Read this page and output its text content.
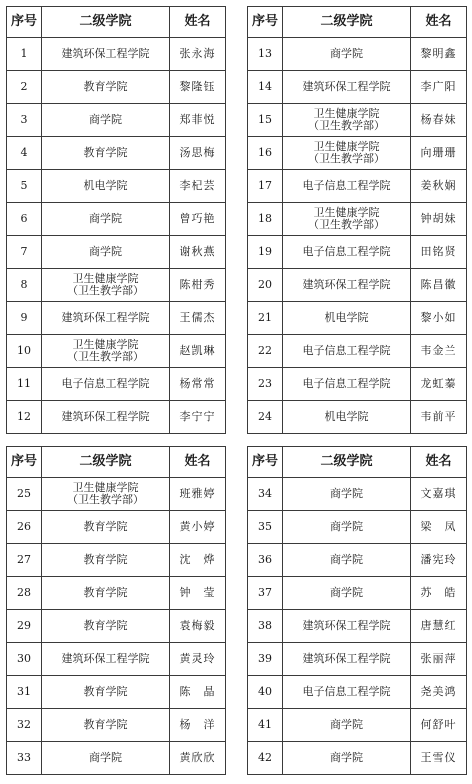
序号	二级学院	姓名
1	建筑环保工程学院	张永海
2	教育学院	黎隆钰
3	商学院	郑菲悦
4	教育学院	汤思梅
5	机电学院	李杞芸
6	商学院	曾巧艳
7	商学院	谢秋燕
8	卫生健康学院
（卫生教学部）	陈柑秀
9	建筑环保工程学院	王儒杰
10	卫生健康学院
（卫生教学部）	赵凯琳
11	电子信息工程学院	杨常常
12	建筑环保工程学院	李宁宁
序号	二级学院	姓名
13	商学院	黎明鑫
14	建筑环保工程学院	李广阳
15	卫生健康学院
（卫生教学部）	杨春妹
16	卫生健康学院
（卫生教学部）	向珊珊
17	电子信息工程学院	姜秋娴
18	卫生健康学院
（卫生教学部）	钟胡妹
19	电子信息工程学院	田铭贤
20	建筑环保工程学院	陈昌徽
21	机电学院	黎小如
22	电子信息工程学院	韦金兰
23	电子信息工程学院	龙虹蓁
24	机电学院	韦前平
序号	二级学院	姓名
25	卫生健康学院
（卫生教学部）	班雅婷
26	教育学院	黄小婷
27	教育学院	沈　烨
28	教育学院	钟　莹
29	教育学院	袁梅毅
30	建筑环保工程学院	黄灵玲
31	教育学院	陈　晶
32	教育学院	杨　洋
33	商学院	黄欣欣
序号	二级学院	姓名
34	商学院	文嘉琪
35	商学院	梁　凤
36	商学院	潘宪玲
37	商学院	苏　皓
38	建筑环保工程学院	唐慧红
39	建筑环保工程学院	张丽萍
40	电子信息工程学院	尧美鸿
41	商学院	何舒叶
42	商学院	王雪仪
